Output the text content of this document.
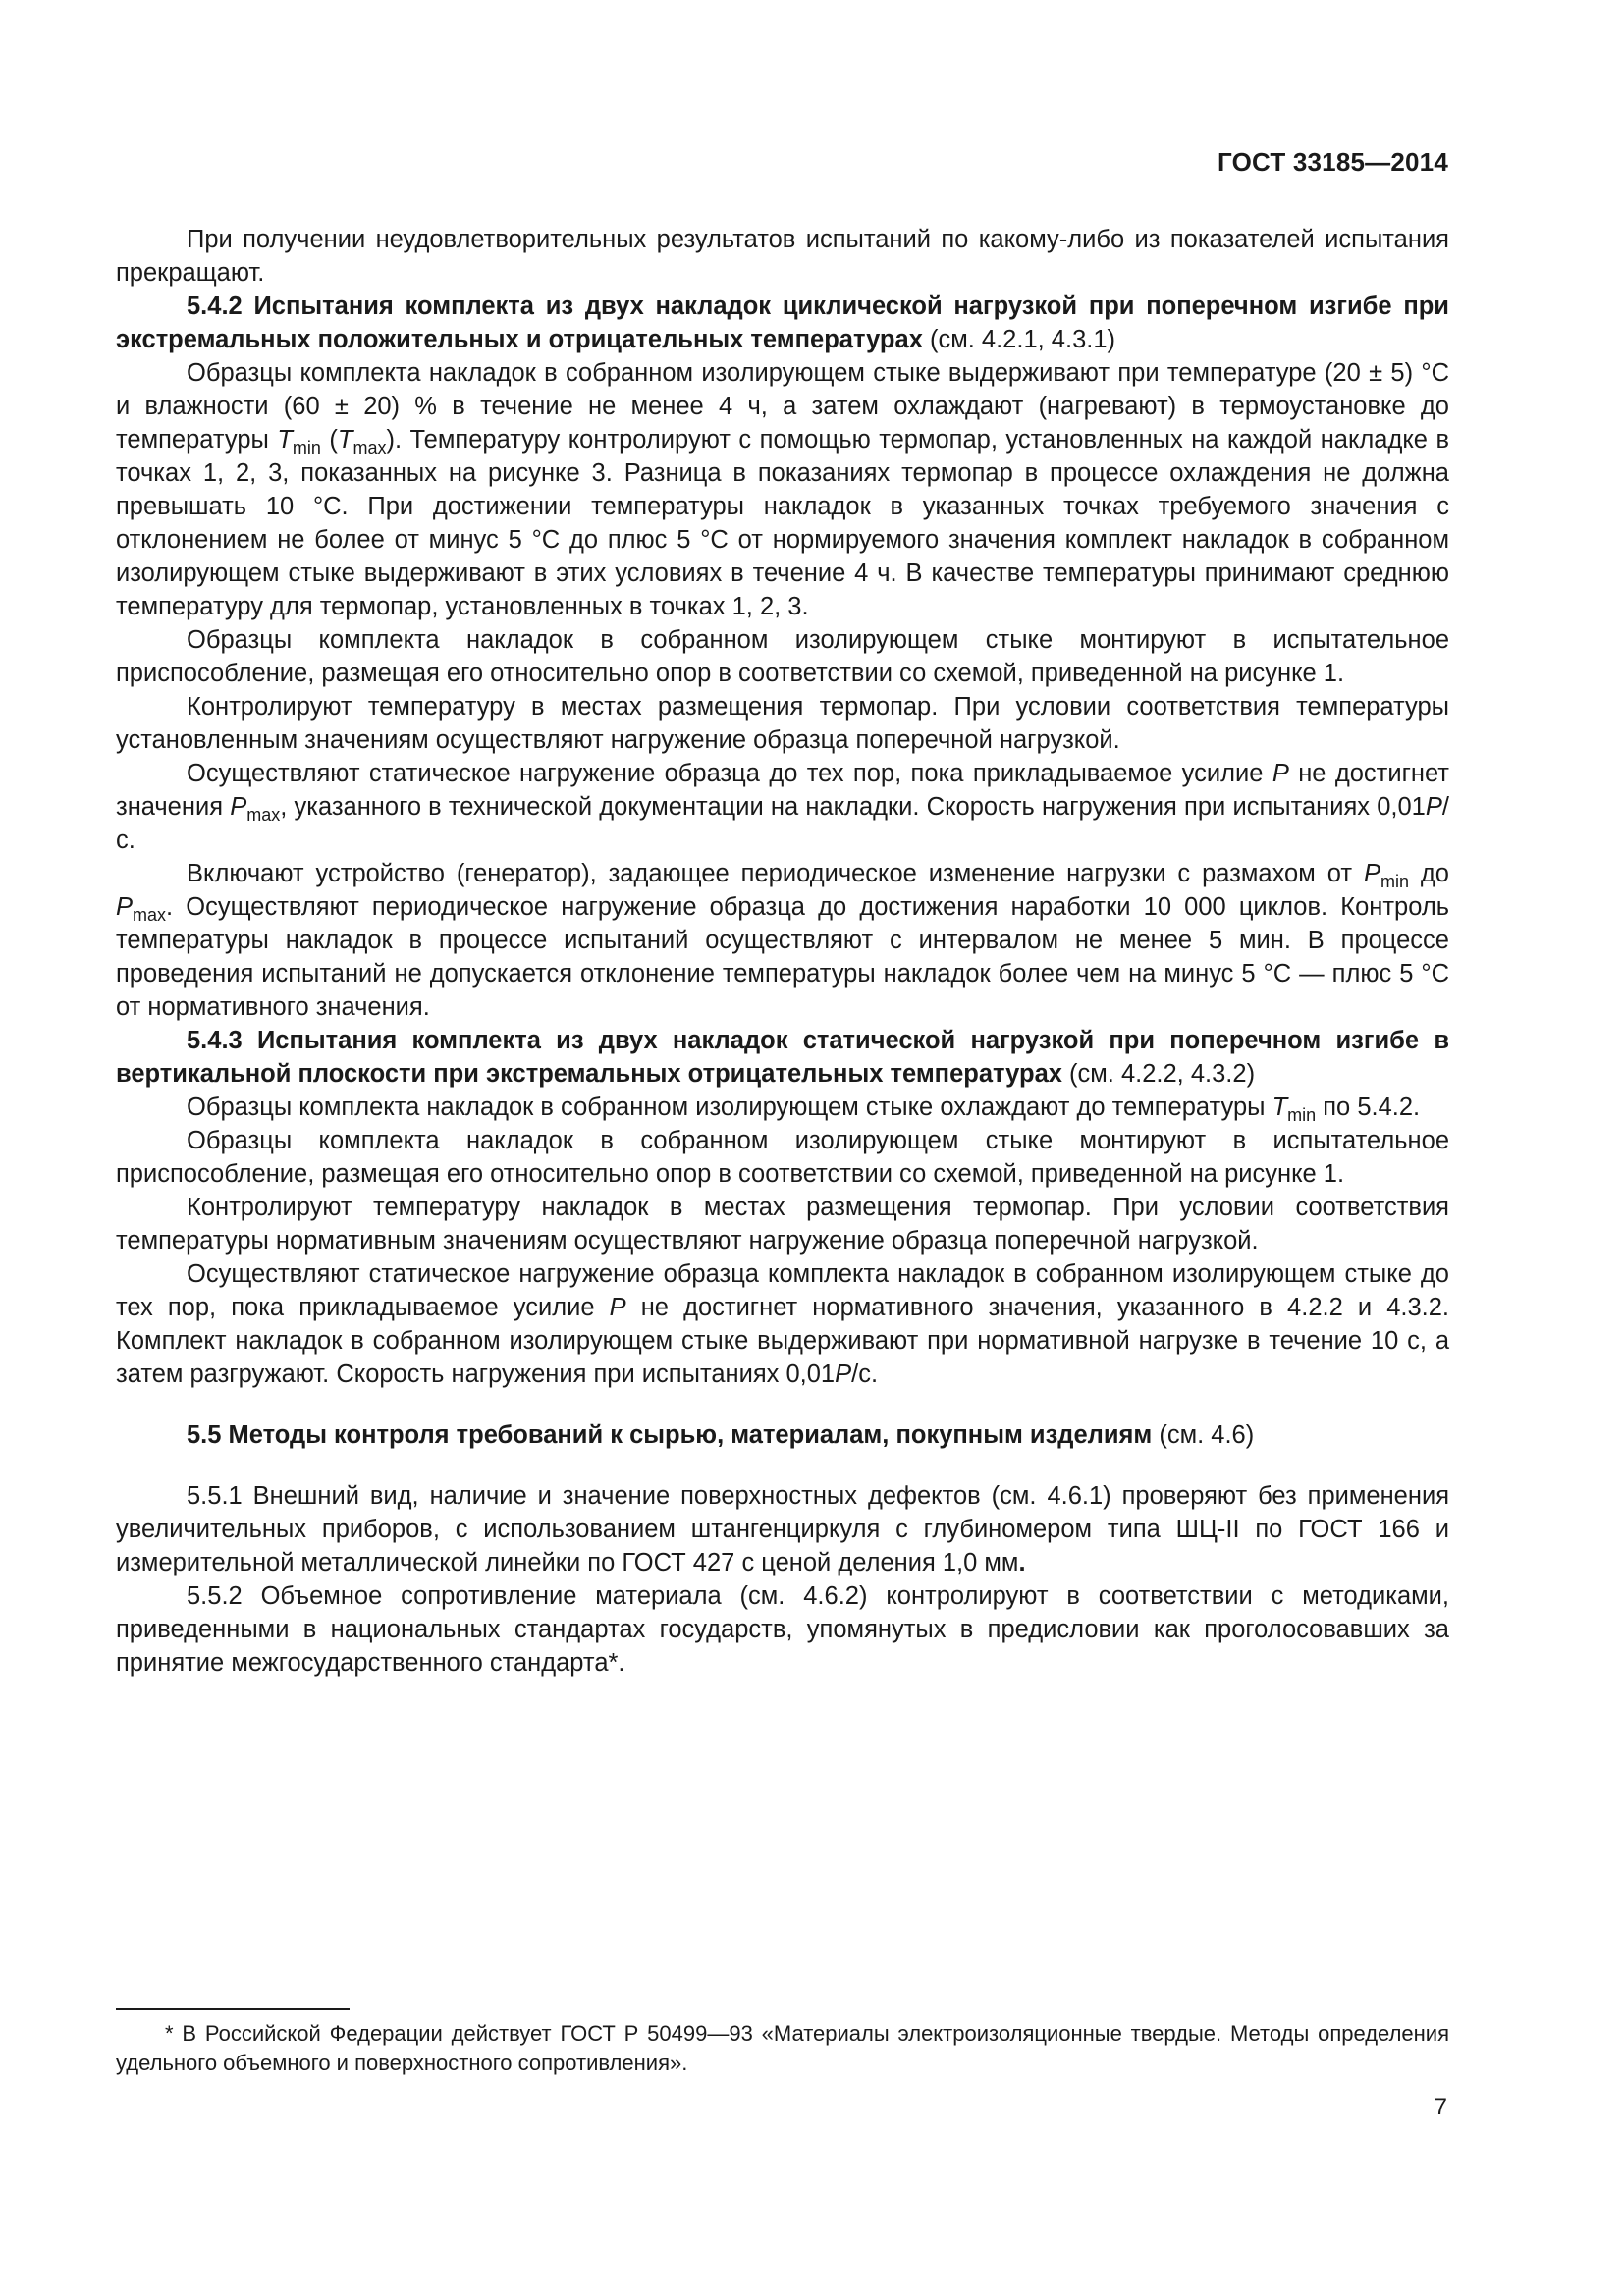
ГОСТ 33185—2014

При получении неудовлетворительных результатов испытаний по какому-либо из показателей испытания прекращают.

5.4.2 Испытания комплекта из двух накладок циклической нагрузкой при поперечном изгибе при экстремальных положительных и отрицательных температурах (см. 4.2.1, 4.3.1)

Образцы комплекта накладок в собранном изолирующем стыке выдерживают при температуре (20 ± 5) °С и влажности (60 ± 20) % в течение не менее 4 ч, а затем охлаждают (нагревают) в термоустановке до температуры $T_{min}$ $(T_{max})$. Температуру контролируют с помощью термопар, установленных на каждой накладке в точках 1, 2, 3, показанных на рисунке 3. Разница в показаниях термопар в процессе охлаждения не должна превышать 10 °С. При достижении температуры накладок в указанных точках требуемого значения с отклонением не более от минус 5 °С до плюс 5 °С от нормируемого значения комплект накладок в собранном изолирующем стыке выдерживают в этих условиях в течение 4 ч. В качестве температуры принимают среднюю температуру для термопар, установленных в точках 1, 2, 3.

Образцы комплекта накладок в собранном изолирующем стыке монтируют в испытательное приспособление, размещая его относительно опор в соответствии со схемой, приведенной на рисунке 1.

Контролируют температуру в местах размещения термопар. При условии соответствия температуры установленным значениям осуществляют нагружение образца поперечной нагрузкой.

Осуществляют статическое нагружение образца до тех пор, пока прикладываемое усилие P не достигнет значения $P_{max}$, указанного в технической документации на накладки. Скорость нагружения при испытаниях 0,01P/с.

Включают устройство (генератор), задающее периодическое изменение нагрузки с размахом от $P_{min}$ до $P_{max}$. Осуществляют периодическое нагружение образца до достижения наработки 10 000 циклов. Контроль температуры накладок в процессе испытаний осуществляют с интервалом не менее 5 мин. В процессе проведения испытаний не допускается отклонение температуры накладок более чем на минус 5 °С — плюс 5 °С от нормативного значения.

5.4.3 Испытания комплекта из двух накладок статической нагрузкой при поперечном изгибе в вертикальной плоскости при экстремальных отрицательных температурах (см. 4.2.2, 4.3.2)

Образцы комплекта накладок в собранном изолирующем стыке охлаждают до температуры $T_{min}$ по 5.4.2.

Образцы комплекта накладок в собранном изолирующем стыке монтируют в испытательное приспособление, размещая его относительно опор в соответствии со схемой, приведенной на рисунке 1.

Контролируют температуру накладок в местах размещения термопар. При условии соответствия температуры нормативным значениям осуществляют нагружение образца поперечной нагрузкой.

Осуществляют статическое нагружение образца комплекта накладок в собранном изолирующем стыке до тех пор, пока прикладываемое усилие P не достигнет нормативного значения, указанного в 4.2.2 и 4.3.2. Комплект накладок в собранном изолирующем стыке выдерживают при нормативной нагрузке в течение 10 с, а затем разгружают. Скорость нагружения при испытаниях 0,01P/с.

5.5 Методы контроля требований к сырью, материалам, покупным изделиям (см. 4.6)

5.5.1 Внешний вид, наличие и значение поверхностных дефектов (см. 4.6.1) проверяют без применения увеличительных приборов, с использованием штангенциркуля с глубиномером типа ШЦ-II по ГОСТ 166 и измерительной металлической линейки по ГОСТ 427 с ценой деления 1,0 мм.

5.5.2 Объемное сопротивление материала (см. 4.6.2) контролируют в соответствии с методиками, приведенными в национальных стандартах государств, упомянутых в предисловии как проголосовавших за принятие межгосударственного стандарта*.

* В Российской Федерации действует ГОСТ Р 50499—93 «Материалы электроизоляционные твердые. Методы определения удельного объемного и поверхностного сопротивления».

7
